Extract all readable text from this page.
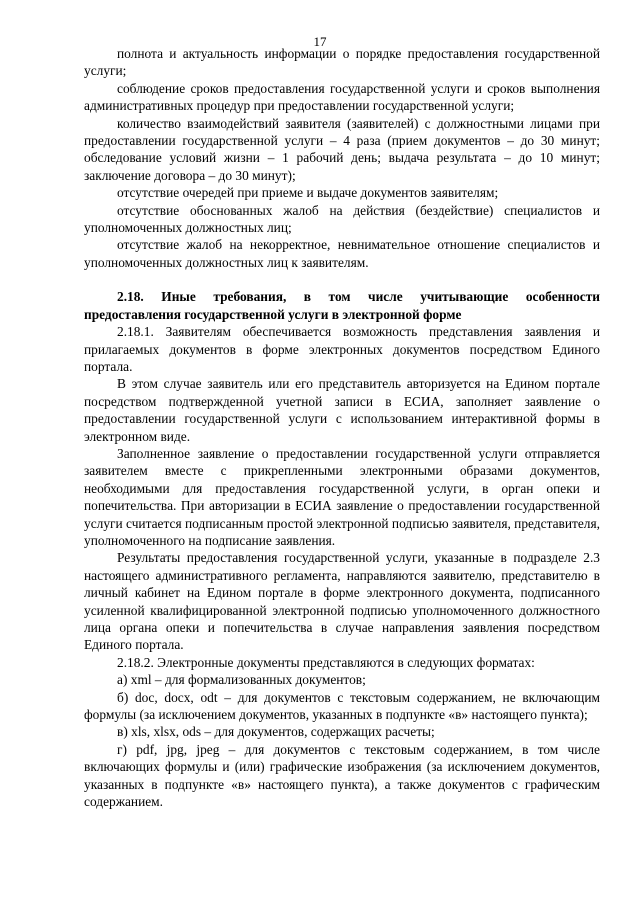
17

полнота и актуальность информации о порядке предоставления государственной услуги;

соблюдение сроков предоставления государственной услуги и сроков выполнения административных процедур при предоставлении государственной услуги;

количество взаимодействий заявителя (заявителей) с должностными лицами при предоставлении государственной услуги – 4 раза (прием документов – до 30 минут; обследование условий жизни – 1 рабочий день; выдача результата – до 10 минут; заключение договора – до 30 минут);

отсутствие очередей при приеме и выдаче документов заявителям;

отсутствие обоснованных жалоб на действия (бездействие) специалистов и уполномоченных должностных лиц;

отсутствие жалоб на некорректное, невнимательное отношение специалистов и уполномоченных должностных лиц к заявителям.

2.18. Иные требования, в том числе учитывающие особенности предоставления государственной услуги в электронной форме

2.18.1. Заявителям обеспечивается возможность представления заявления и прилагаемых документов в форме электронных документов посредством Единого портала.

В этом случае заявитель или его представитель авторизуется на Едином портале посредством подтвержденной учетной записи в ЕСИА, заполняет заявление о предоставлении государственной услуги с использованием интерактивной формы в электронном виде.

Заполненное заявление о предоставлении государственной услуги отправляется заявителем вместе с прикрепленными электронными образами документов, необходимыми для предоставления государственной услуги, в орган опеки и попечительства. При авторизации в ЕСИА заявление о предоставлении государственной услуги считается подписанным простой электронной подписью заявителя, представителя, уполномоченного на подписание заявления.

Результаты предоставления государственной услуги, указанные в подразделе 2.3 настоящего административного регламента, направляются заявителю, представителю в личный кабинет на Едином портале в форме электронного документа, подписанного усиленной квалифицированной электронной подписью уполномоченного должностного лица органа опеки и попечительства в случае направления заявления посредством Единого портала.

2.18.2. Электронные документы представляются в следующих форматах:

а) xml – для формализованных документов;

б) doc, docx, odt – для документов с текстовым содержанием, не включающим формулы (за исключением документов, указанных в подпункте «в» настоящего пункта);

в) xls, xlsx, ods – для документов, содержащих расчеты;

г) pdf, jpg, jpeg – для документов с текстовым содержанием, в том числе включающих формулы и (или) графические изображения (за исключением документов, указанных в подпункте «в» настоящего пункта), а также документов с графическим содержанием.
